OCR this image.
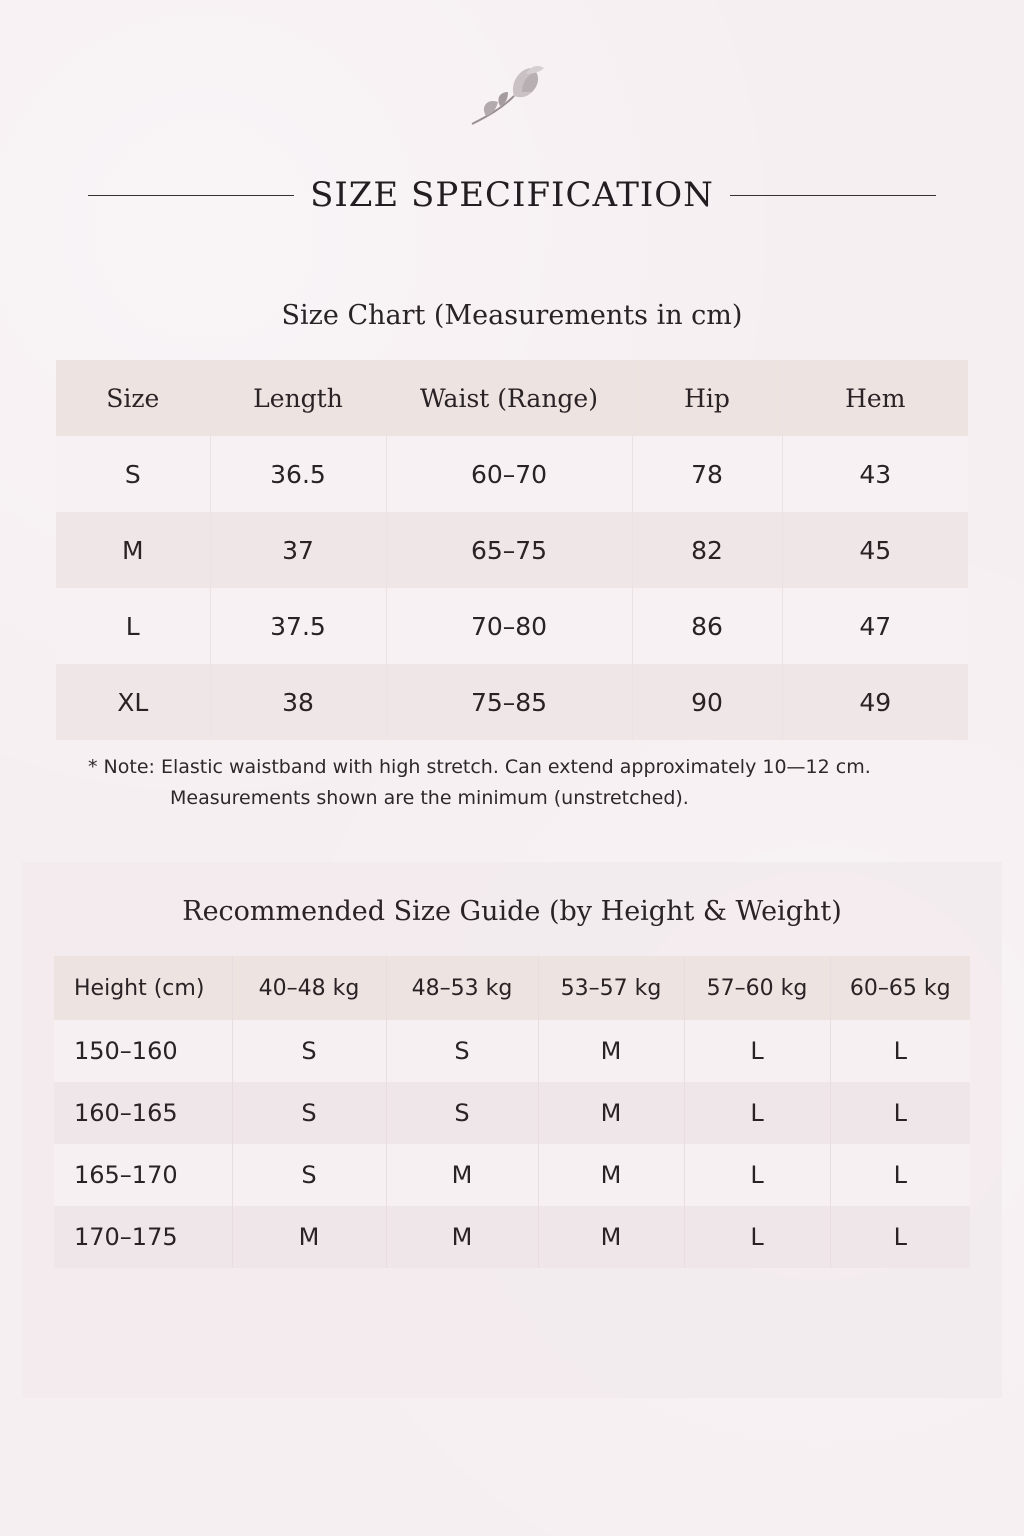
SIZE SPECIFICATION
Size Chart (Measurements in cm)
Size	Length	Waist (Range)	Hip	Hem
S	36.5	60–70	78	43
M	37	65–75	82	45
L	37.5	70–80	86	47
XL	38	75–85	90	49
* Note: Elastic waistband with high stretch. Can extend approximately 10—12 cm.
Measurements shown are the minimum (unstretched).
Recommended Size Guide (by Height & Weight)
Height (cm)	40–48 kg	48–53 kg	53–57 kg	57–60 kg	60–65 kg
150–160	S	S	M	L	L
160–165	S	S	M	L	L
165–170	S	M	M	L	L
170–175	M	M	M	L	L
